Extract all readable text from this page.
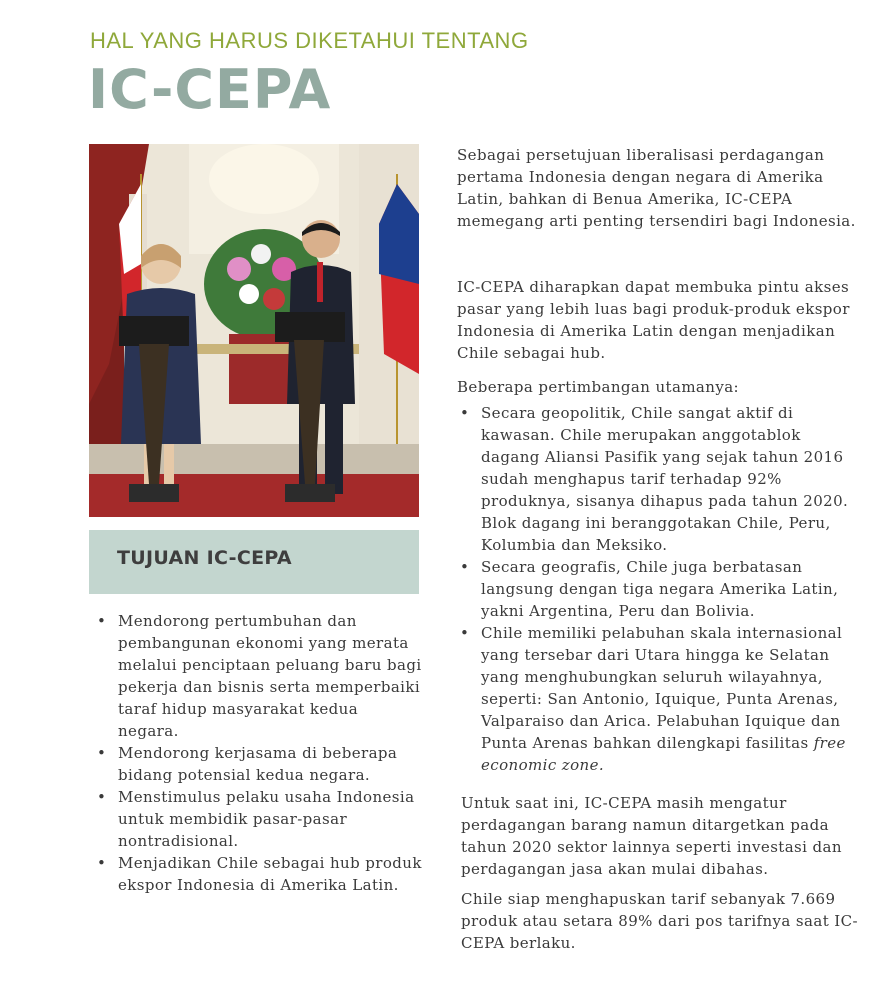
HAL YANG HARUS DIKETAHUI TENTANG
IC-CEPA
TUJUAN IC-CEPA
• Mendorong pertumbuhan dan pembangunan ekonomi yang merata melalui penciptaan peluang baru bagi pekerja dan bisnis serta memperbaiki taraf hidup masyarakat kedua negara.
• Mendorong kerjasama di beberapa bidang potensial kedua negara.
• Menstimulus pelaku usaha Indonesia untuk membidik pasar-pasar nontradisional.
• Menjadikan Chile sebagai hub produk ekspor Indonesia di Amerika Latin.

Sebagai persetujuan liberalisasi perdagangan pertama Indonesia dengan negara di Amerika Latin, bahkan di Benua Amerika, IC-CEPA memegang arti penting tersendiri bagi Indonesia.

IC-CEPA diharapkan dapat membuka pintu akses pasar yang lebih luas bagi produk-produk ekspor Indonesia di Amerika Latin dengan menjadikan Chile sebagai hub.

Beberapa pertimbangan utamanya:

• Secara geopolitik, Chile sangat aktif di kawasan. Chile merupakan anggotablok dagang Aliansi Pasifik yang sejak tahun 2016 sudah menghapus tarif terhadap 92% produknya, sisanya dihapus pada tahun 2020. Blok dagang ini beranggotakan Chile, Peru, Kolumbia dan Meksiko.
• Secara geografis, Chile juga berbatasan langsung dengan tiga negara Amerika Latin, yakni Argentina, Peru dan Bolivia.
• Chile memiliki pelabuhan skala internasional yang tersebar dari Utara hingga ke Selatan yang menghubungkan seluruh wilayahnya, seperti: San Antonio, Iquique, Punta Arenas, Valparaiso dan Arica. Pelabuhan Iquique dan Punta Arenas bahkan dilengkapi fasilitas free economic zone.

Untuk saat ini, IC-CEPA masih mengatur perdagangan barang namun ditargetkan pada tahun 2020 sektor lainnya seperti investasi dan perdagangan jasa akan mulai dibahas.

Chile siap menghapuskan tarif sebanyak 7.669 produk atau setara 89% dari pos tarifnya saat IC-CEPA berlaku.
